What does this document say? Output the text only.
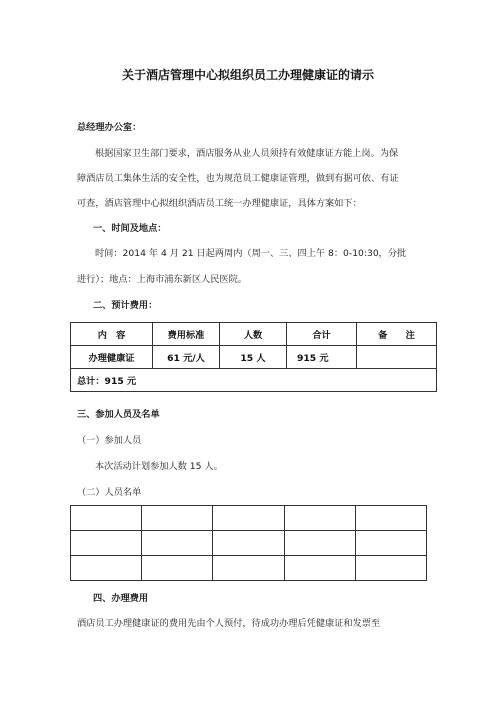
关于酒店管理中心拟组织员工办理健康证的请示
总经理办公室：
根据国家卫生部门要求，酒店服务从业人员须持有效健康证方能上岗。为保
障酒店员工集体生活的安全性，也为规范员工健康证管理，做到有据可依、有证
可查，酒店管理中心拟组织酒店员工统一办理健康证，具体方案如下：
一、时间及地点：
时间：2014 年 4 月 21 日起两周内（周一、三、四上午 8：0-10:30，分批
进行）；地点：上海市浦东新区人民医院。
二、预计费用：
内　容	费用标准	人数	合计	备　　注
办理健康证	61 元/人	15 人	915 元	
总计：915 元				
三、参加人员及名单
（一）参加人员
本次活动计划参加人数 15 人。
（二）人员名单

四、办理费用
酒店员工办理健康证的费用先由个人预付，待成功办理后凭健康证和发票至
